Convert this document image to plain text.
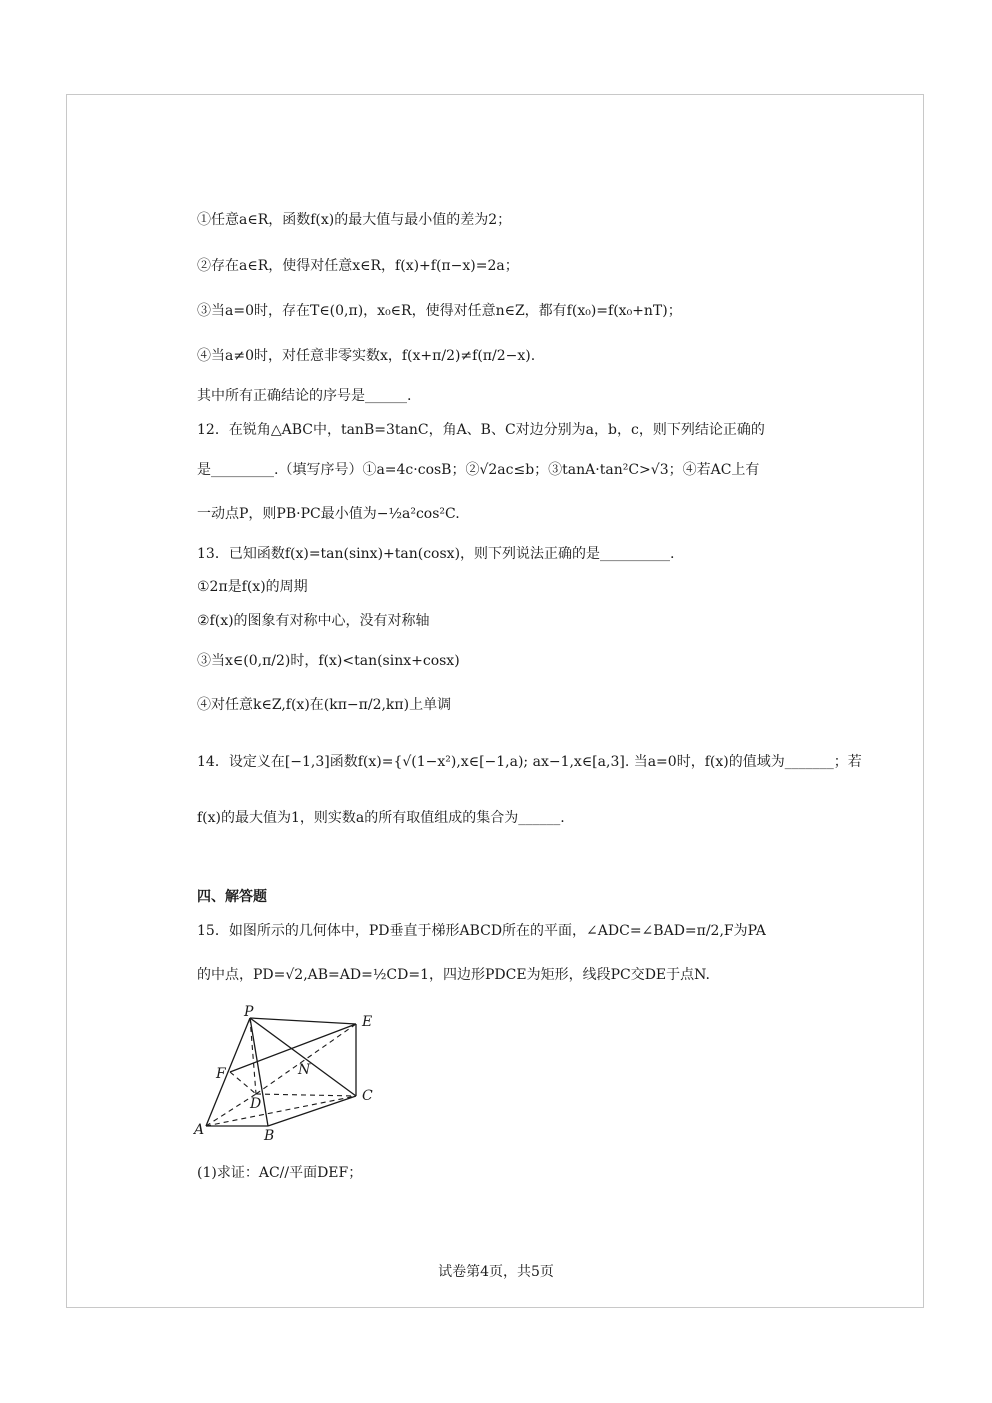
①任意a∈R，函数f(x)的最大值与最小值的差为2；
②存在a∈R，使得对任意x∈R，f(x)+f(π−x)=2a；
③当a=0时，存在T∈(0,π)，x₀∈R，使得对任意n∈Z，都有f(x₀)=f(x₀+nT)；
④当a≠0时，对任意非零实数x，f(x+π/2)≠f(π/2−x).
其中所有正确结论的序号是______.
12．在锐角△ABC中，tanB=3tanC，角A、B、C对边分别为a，b，c，则下列结论正确的
是_________.（填写序号）①a=4c·cosB；②√2ac≤b；③tanA·tan²C>√3；④若AC上有
一动点P，则PB·PC最小值为−½a²cos²C.
13．已知函数f(x)=tan(sinx)+tan(cosx)，则下列说法正确的是__________.
①2π是f(x)的周期
②f(x)的图象有对称中心，没有对称轴
③当x∈(0,π/2)时，f(x)<tan(sinx+cosx)
④对任意k∈Z,f(x)在(kπ−π/2,kπ)上单调
14．设定义在[−1,3]函数f(x)={√(1−x²),x∈[−1,a); ax−1,x∈[a,3]. 当a=0时，f(x)的值域为_______；若
f(x)的最大值为1，则实数a的所有取值组成的集合为______.
四、解答题
15．如图所示的几何体中，PD垂直于梯形ABCD所在的平面，∠ADC=∠BAD=π/2,F为PA
的中点，PD=√2,AB=AD=½CD=1，四边形PDCE为矩形，线段PC交DE于点N.
P
E
F	N
D	C
A	B
(1)求证：AC//平面DEF；
试卷第4页，共5页
